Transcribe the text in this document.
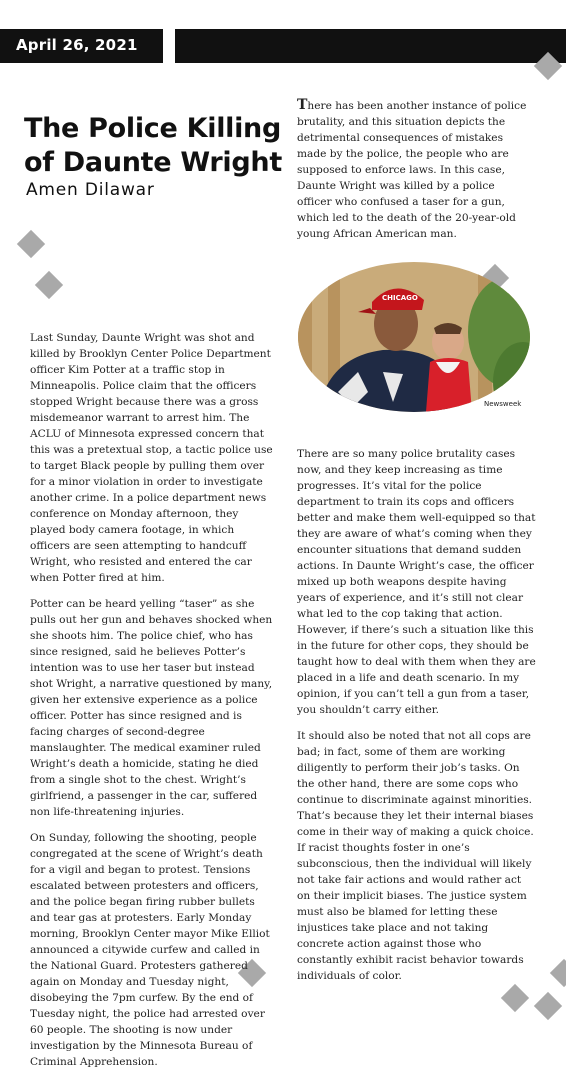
April 26, 2021
The Police Killing of Daunte Wright
Amen Dilawar
There has been another instance of police brutality, and this situation depicts the detrimental consequences of mistakes made by the police, the people who are supposed to enforce laws. In this case, Daunte Wright was killed by a police officer who confused a taser for a gun, which led to the death of the 20-year-old young African American man.
CHICAGO
Newsweek

Last Sunday, Daunte Wright was shot and killed by Brooklyn Center Police Department officer Kim Potter at a traffic stop in Minneapolis. Police claim that the officers stopped Wright because there was a gross misdemeanor warrant to arrest him. The ACLU of Minnesota expressed concern that this was a pretextual stop, a tactic police use to target Black people by pulling them over for a minor violation in order to investigate another crime. In a police department news conference on Monday afternoon, they played body camera footage, in which officers are seen attempting to handcuff Wright, who resisted and entered the car when Potter fired at him.

Potter can be heard yelling “taser” as she pulls out her gun and behaves shocked when she shoots him. The police chief, who has since resigned, said he believes Potter’s intention was to use her taser but instead shot Wright, a narrative questioned by many, given her extensive experience as a police officer. Potter has since resigned and is facing charges of second-degree manslaughter. The medical examiner ruled Wright’s death a homicide, stating he died from a single shot to the chest. Wright’s girlfriend, a passenger in the car, suffered non life-threatening injuries.

On Sunday, following the shooting, people congregated at the scene of Wright’s death for a vigil and began to protest. Tensions escalated between protesters and officers, and the police began firing rubber bullets and tear gas at protesters. Early Monday morning, Brooklyn Center mayor Mike Elliot announced a citywide curfew and called in the National Guard. Protesters gathered again on Monday and Tuesday night, disobeying the 7pm curfew. By the end of Tuesday night, the police had arrested over 60 people. The shooting is now under investigation by the Minnesota Bureau of Criminal Apprehension.

There are so many police brutality cases now, and they keep increasing as time progresses. It’s vital for the police department to train its cops and officers better and make them well-equipped so that they are aware of what’s coming when they encounter situations that demand sudden actions. In Daunte Wright’s case, the officer mixed up both weapons despite having years of experience, and it’s still not clear what led to the cop taking that action. However, if there’s such a situation like this in the future for other cops, they should be taught how to deal with them when they are placed in a life and death scenario. In my opinion, if you can’t tell a gun from a taser, you shouldn’t carry either.

It should also be noted that not all cops are bad; in fact, some of them are working diligently to perform their job’s tasks. On the other hand, there are some cops who continue to discriminate against minorities. That’s because they let their internal biases come in their way of making a quick choice. If racist thoughts foster in one’s subconscious, then the individual will likely not take fair actions and would rather act on their implicit biases. The justice system must also be blamed for letting these injustices take place and not taking concrete action against those who constantly exhibit racist behavior towards individuals of color.
